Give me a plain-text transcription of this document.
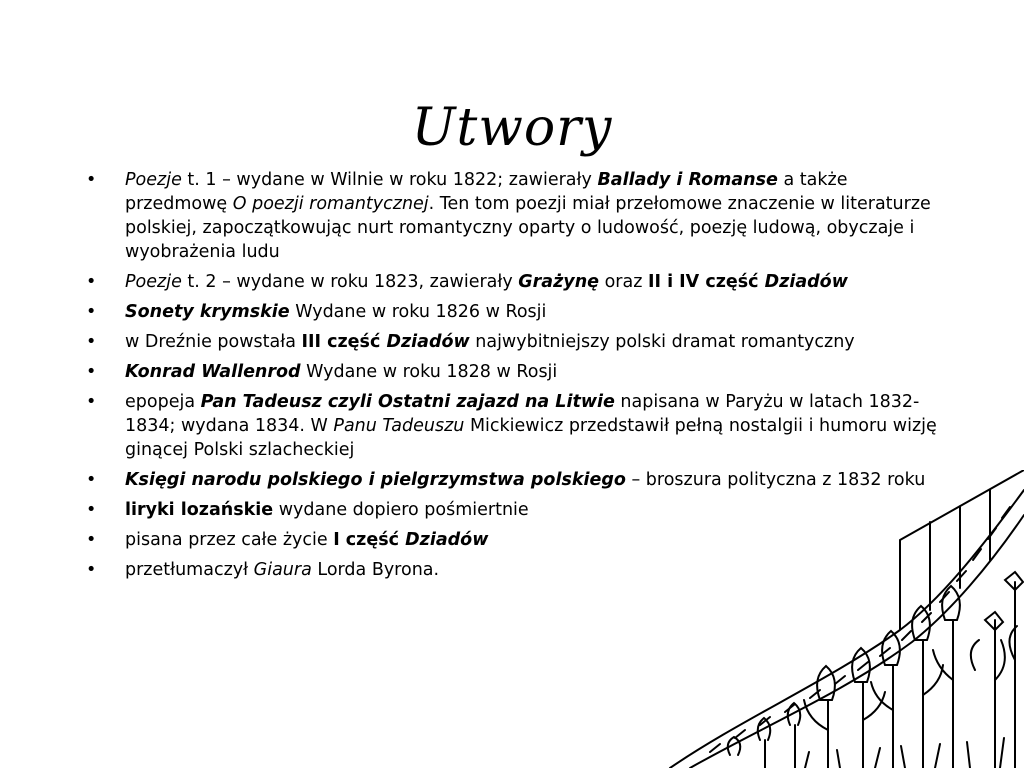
Utwory
• Poezje t. 1 – wydane w Wilnie w roku 1822; zawierały Ballady i Romanse a także przedmowę O poezji romantycznej. Ten tom poezji miał przełomowe znaczenie w literaturze polskiej, zapoczątkowując nurt romantyczny oparty o ludowość, poezję ludową, obyczaje i wyobrażenia ludu
• Poezje t. 2 – wydane w roku 1823, zawierały Grażynę oraz II i IV część Dziadów
• Sonety krymskie Wydane w roku 1826 w Rosji
• w Dreźnie powstała III część Dziadów najwybitniejszy polski dramat romantyczny
• Konrad Wallenrod Wydane w roku 1828 w Rosji
• epopeja Pan Tadeusz czyli Ostatni zajazd na Litwie napisana w Paryżu w latach 1832-1834; wydana 1834. W Panu Tadeuszu Mickiewicz przedstawił pełną nostalgii i humoru wizję ginącej Polski szlacheckiej
• Księgi narodu polskiego i pielgrzymstwa polskiego – broszura polityczna z 1832 roku
• liryki lozańskie wydane dopiero pośmiertnie
• pisana przez całe życie I część Dziadów
• przetłumaczył Giaura Lorda Byrona.
